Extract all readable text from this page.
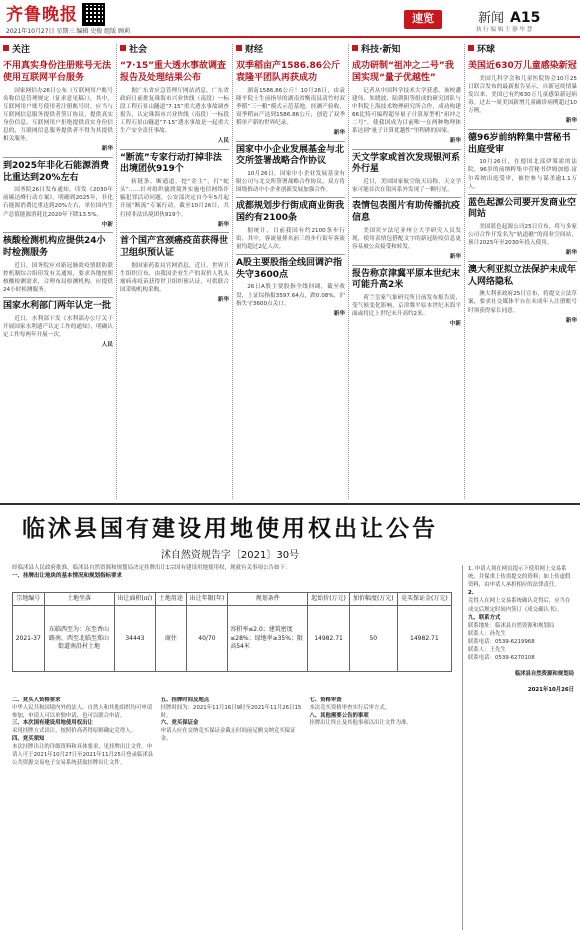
齐鲁晚报
2021年10月27日 星期三 编辑 史俊 组版 顾莉
速览	新闻 A15
执 行 编 辑 王 静 毕 慧
关注
不用真实身份注册账号无法使用互联网平台服务
国家网信办26日公布《互联网用户账号名称信息管理规定（征求意见稿）》，其中，互联网用户账号使用者注册账号时，应当与互联网信息服务提供者签订协议，提供真实身份信息。互联网用户拒绝提供真实身份信息的，互联网信息服务提供者不得为其提供相关服务。
新华
到2025年非化石能源消费比重达到20%左右
国务院26日发布通知，印发《2030年前碳达峰行动方案》。明确到2025年，非化石能源消费比重达到20%左右，单位国内生产总值能源消耗比2020年下降13.5%。
中新
核酸检测机构应提供24小时检测服务
近日，国务院应对新冠肺炎疫情联防联控机制综合组印发有关通知，要求各地按照核酸检测需求，合理布局检测机构，应提供24小时检测服务。
国家水利部门两年认定一批
近日，水利部下发《水利部办公厅关于开展国家水利遗产认定工作的通知》，明确认定工作每两年开展一次。
人民
社会
“7·15”重大透水事故调查报告及处理结果公布
据广东省应急管理厅网站消息，广东省政府日前批复珠海市兴业快线（南段）一标段工程石景山隧道“7·15”重大透水事故调查报告，认定珠海市兴业快线（南段）一标段工程石景山隧道“7·15”透水事故是一起重大生产安全责任事故。
人民
“断流”专家行动打掉非法出境团伙919个
斩链条、断通道、挖“金主”，打“蛇头”……针对组织偷渡境外实施电信网络诈骗犯罪活动问题，公安部决定自今年5月起开展“断流”专案行动，截至10月26日，共打掉非法出境团伙919个。
新华
首个国产宫颈癌疫苗获得世卫组织预认证
据国家药监局官网消息，近日，世界卫生组织宣布，由我国企业生产的双价人乳头瘤病毒疫苗获得世卫组织预认证，可供联合国采购机构采购。
新华
财经
双季稻亩产1586.86公斤袁隆平团队再获成功
湖南1586.86公斤！10月26日，由袁隆平院士生前指导的湖南省衡南县清竹村双季稻“三一粮”模式示范基地，经测产验收，双季稻亩产达到1586.86公斤，创造了双季稻单产新的世界纪录。
新华
国家中小企业发展基金与北交所签署战略合作协议
10月26日，国家中小企业发展基金有限公司与北交所签署战略合作协议，双方将围绕推动中小企业创新发展加强合作。
成都规划步行街成商业街我国约有2100条
据统计，目前我国有约2100条步行街，其中，客流量排名前三的步行街年客流量均超过2亿人次。
A股主要股指全线回调沪指失守3600点
26日A股主要股指全线回调，截至收盘，上证综指报3597.64点，跌0.08%，沪指失守3600点关口。
新华
科技·新知
成功研制“祖冲之二号”我国实现“量子优越性”
记者从中国科学技术大学获悉，该校潘建伟、朱晓波、陆朝阳等组成的研究团队与中科院上海技术物理研究所合作，成功构建66比特可编程超导量子计算原型机“祖冲之二号”，使我国成为目前唯一在两种物理体系达到“量子计算优越性”里程碑的国家。
新华
天文学家或首次发现银河系外行星
近日，美国国家航空航天局称，天文学家可能首次在银河系外发现了一颗行星。
表情包表图片有助传播抗疫信息
美国宾夕法尼亚州立大学研究人员发现，使用表情包搭配文字的新冠防疫信息更容易被公众接受和转发。
新华
报告称京津冀平原本世纪末可能升高2米
荷兰皇家气象研究所日前发布报告说，受气候变化影响，京津冀平原本世纪末海平面或将比上世纪末升高约2米。
中新
环球
美国近630万儿童感染新冠
美国儿科学会和儿童医院协会10月25日联合发布的最新报告显示，自新冠疫情暴发以来，美国已有约630万儿童感染新冠病毒。过去一周美国新增儿童确诊病例超过10万例。
新华
德96岁前纳粹集中营秘书出庭受审
10月26日，在德国北部伊策霍的法院，96岁的前纳粹集中营秘书伊姆加德·富尔希纳出庭受审，被控参与谋杀逾1.1万人。
蓝色起源公司要开发商业空间站
美国蓝色起源公司25日宣布，将与多家公司合作开发名为“轨道礁”的商业空间站，预计2025年至2030年投入使用。
新华
澳大利亚拟立法保护未成年人网络隐私
澳大利亚政府25日宣布，将提交立法草案，要求社交媒体平台在未成年人注册账号时须获得家长同意。
新华
临沭县国有建设用地使用权出让公告
沭自然资规告字〔2021〕30号
经临沭县人民政府批准，临沭县自然资源和规划局决定挂牌出让1宗国有建设用地使用权，现就有关事项公告如下：
一、挂牌出让地块的基本情况和规划指标要求
宗地编号	土地坐落	出让面积(㎡)	土地用途	出让年限(年)	规划条件	起始价(万元)	加价幅度(万元)	竞买保证金(万元)
2021-37	东临西至为：东至香山路南，西至北临至郑山街道南沿村土地	34443	商住	40/70	容积率≤2.0；建筑密度≤28%；绿地率≥35%；限高54米	14982.71	50	14982.71
二、竞买人资格要求
中华人民共和国境内外的法人、自然人和其他组织均可申请参加，申请人可以单独申请，也可以联合申请。
三、本次国有建设用地使用权出让
采用挂牌方式出让，按照价高者得原则确定竞得人。
四、竞买须知
本次挂牌出让的详细资料和具体要求，见挂牌出让文件。申请人可于2021年10月27日至2021年11月25日登录临沭县公共资源交易电子交易系统获取挂牌出让文件。
五、挂牌时间及地点
挂牌时间为：2021年11月16日9时至2021年11月26日15时。
六、竞买保证金
申请人应在交纳竞买保证金截止时间前足额交纳竞买保证金。
七、资格审查
本次竞买资格审查实行后审方式。
八、其他需要公告的事项
挂牌出让终止及其他事项以出让文件为准。
1. 申请人须在网页提示下使用网上交易系统，并保重上传需提交的资料；如上传虚假资料，由申请人承担相应的法律责任。
2.
竞得人在网上交易系统确认竞得后，应当在成交后规定时间内签订《成交确认书》。
九、联系方式
联系地址：临沭县自然资源和规划局
联系人：孙先生
联系电话：0539-6219968
联系人：王先生
联系电话：0539-6270108
临沭县自然资源和规划局
2021年10月26日
